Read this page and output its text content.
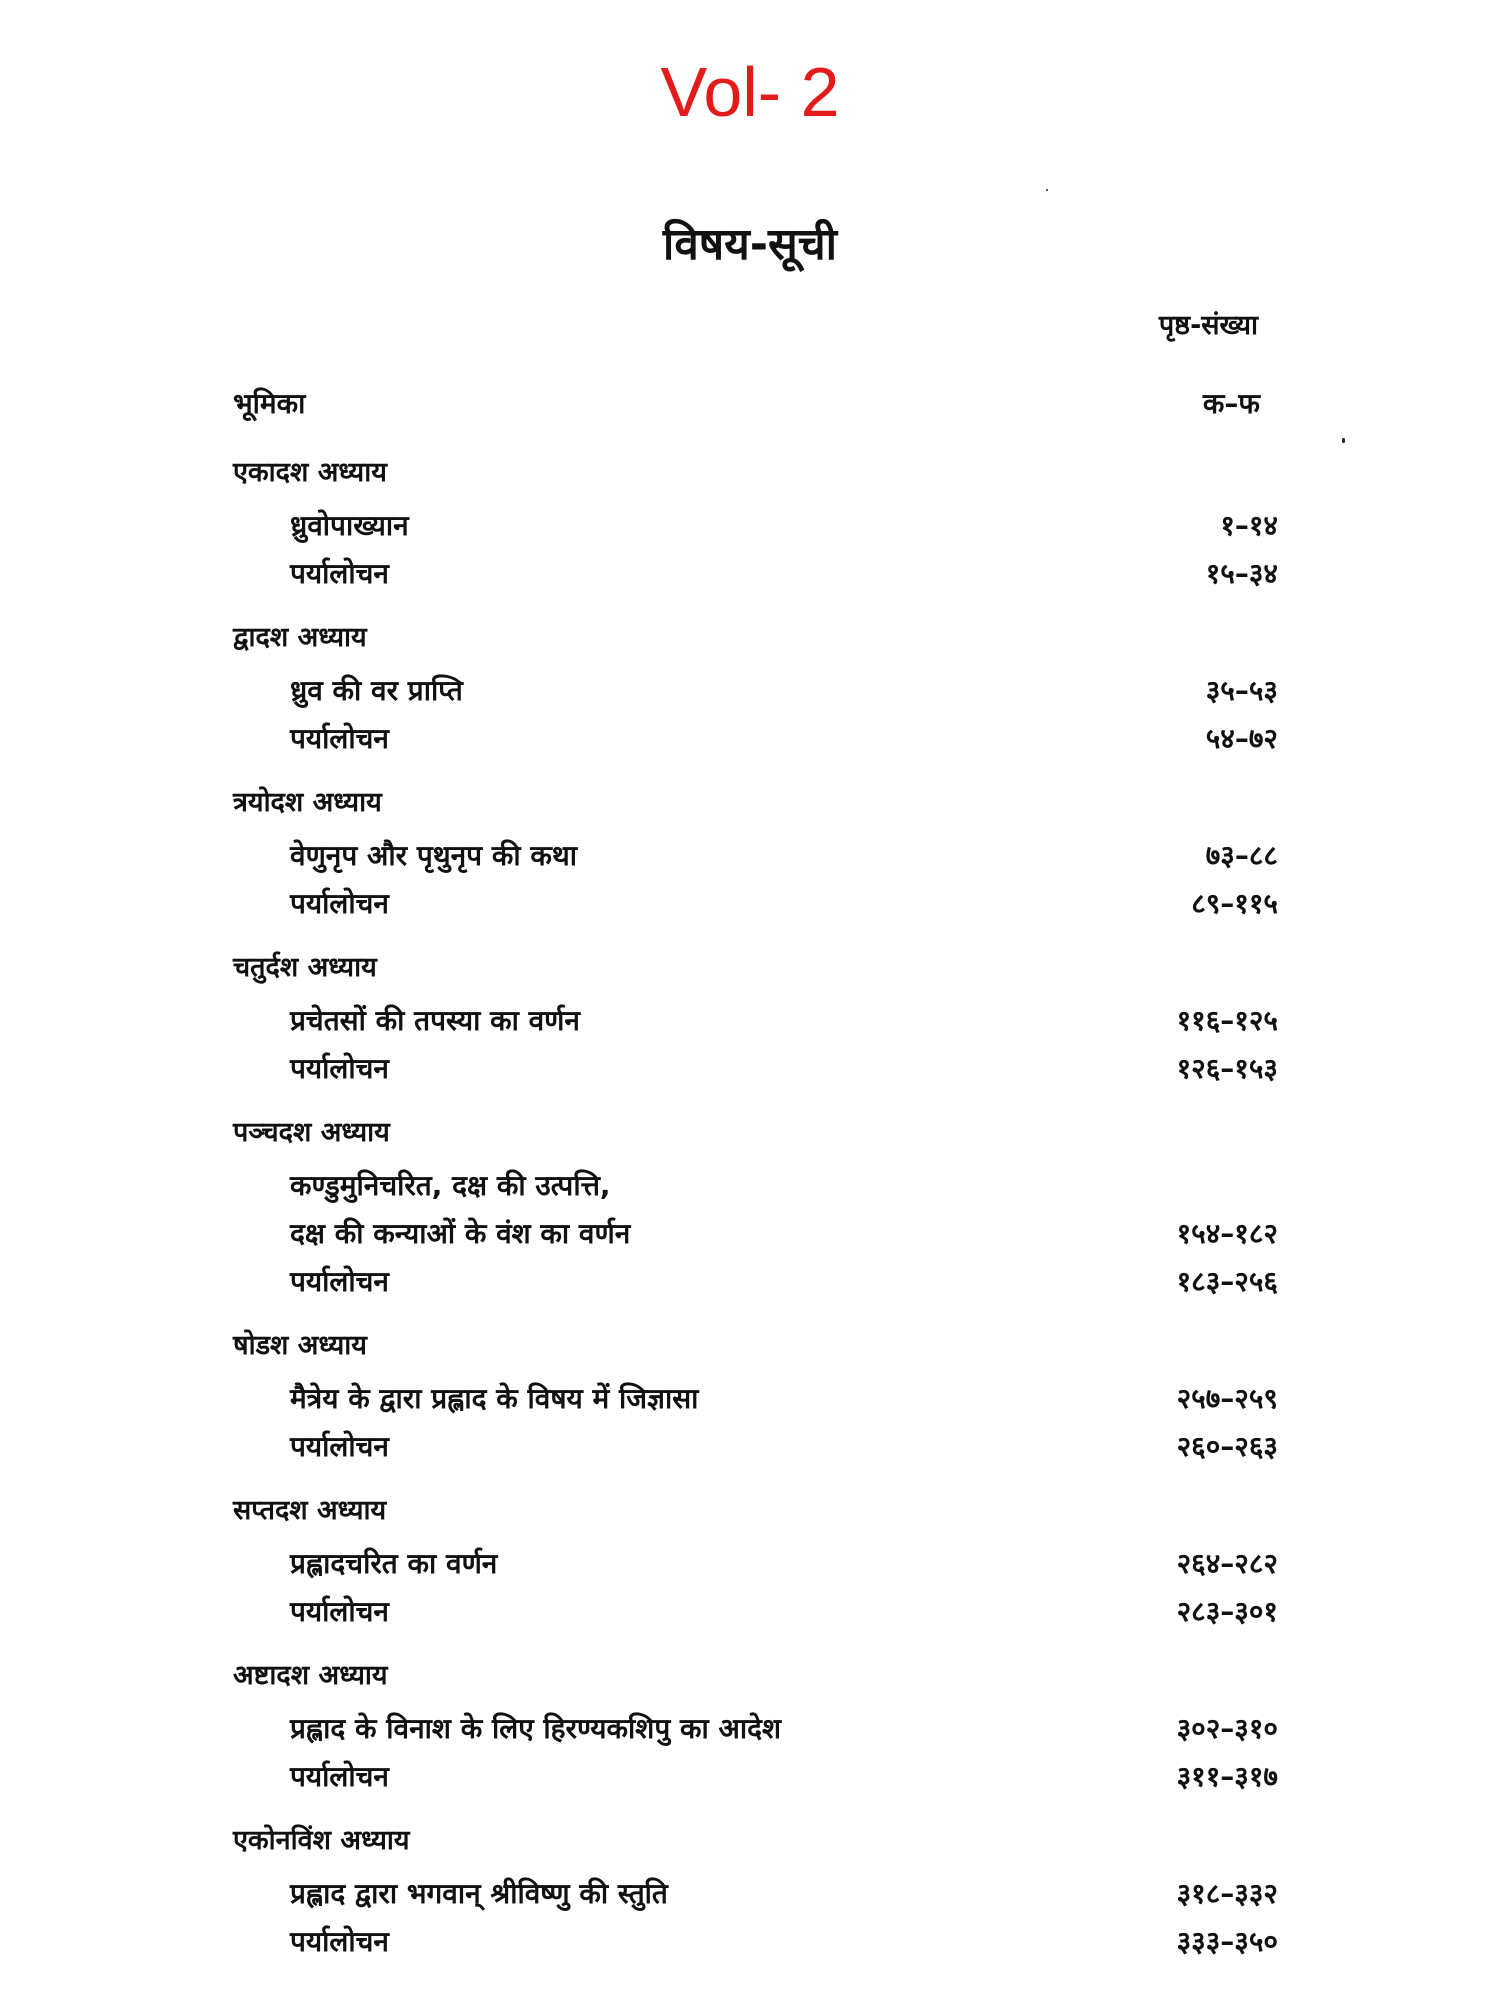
Vol- 2
विषय-सूची
पृष्ठ-संख्या
भूमिका	क–फ
एकादश अध्याय
ध्रुवोपाख्यान	१–१४
पर्यालोचन	१५–३४
द्वादश अध्याय
ध्रुव की वर प्राप्ति	३५–५३
पर्यालोचन	५४–७२
त्रयोदश अध्याय
वेणुनृप और पृथुनृप की कथा	७३–८८
पर्यालोचन	८९–११५
चतुर्दश अध्याय
प्रचेतसों की तपस्या का वर्णन	११६–१२५
पर्यालोचन	१२६–१५३
पञ्चदश अध्याय
कण्डुमुनिचरित, दक्ष की उत्पत्ति,
दक्ष की कन्याओं के वंश का वर्णन	१५४–१८२
पर्यालोचन	१८३–२५६
षोडश अध्याय
मैत्रेय के द्वारा प्रह्लाद के विषय में जिज्ञासा	२५७–२५९
पर्यालोचन	२६०–२६३
सप्तदश अध्याय
प्रह्लादचरित का वर्णन	२६४–२८२
पर्यालोचन	२८३–३०१
अष्टादश अध्याय
प्रह्लाद के विनाश के लिए हिरण्यकशिपु का आदेश	३०२–३१०
पर्यालोचन	३११–३१७
एकोनविंश अध्याय
प्रह्लाद द्वारा भगवान् श्रीविष्णु की स्तुति	३१८–३३२
पर्यालोचन	३३३–३५०
